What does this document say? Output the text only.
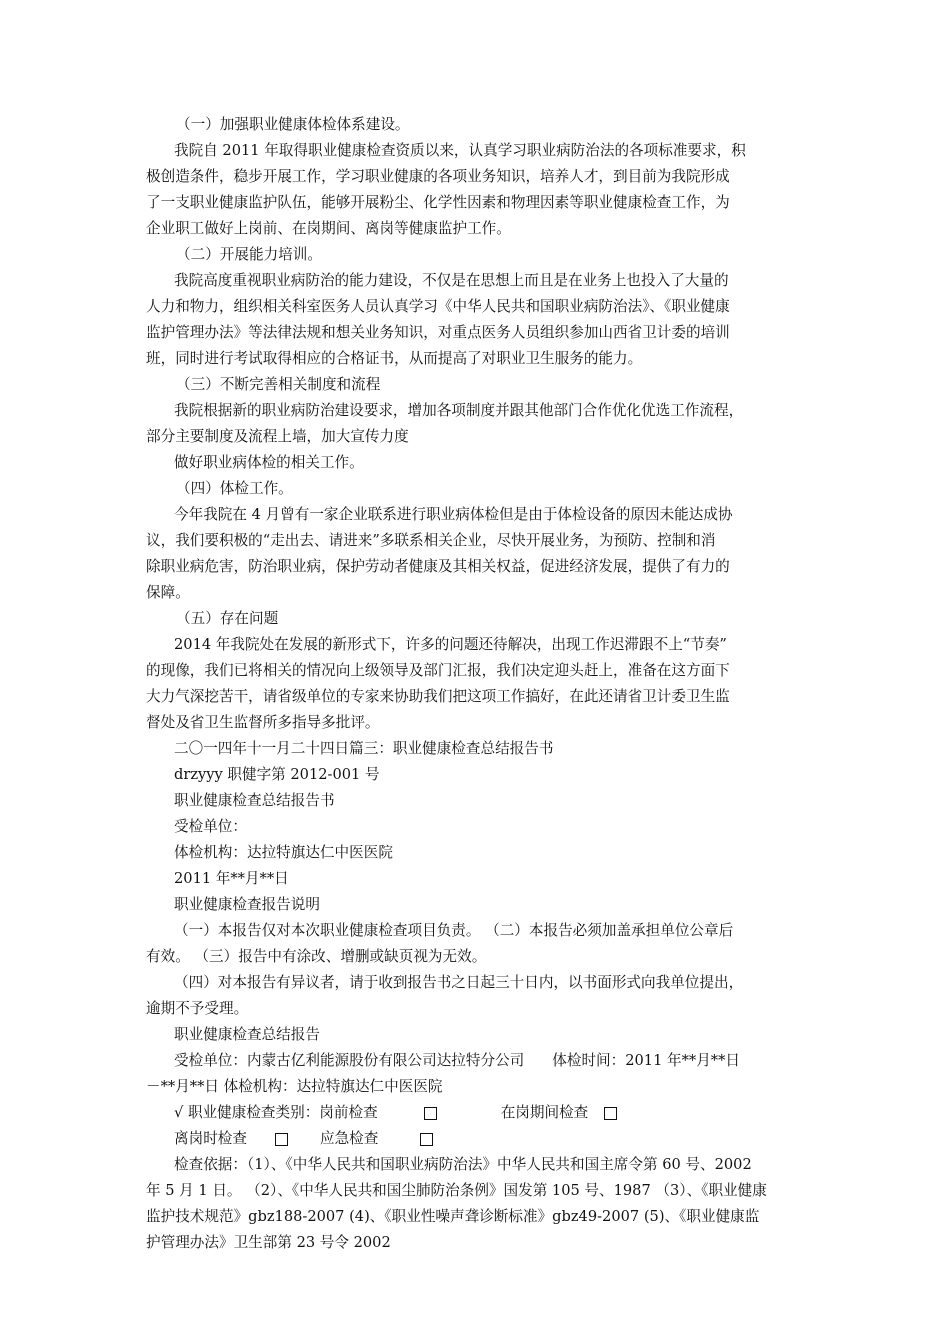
（一）加强职业健康体检体系建设。

我院自 2011 年取得职业健康检查资质以来，认真学习职业病防治法的各项标准要求，积

极创造条件，稳步开展工作，学习职业健康的各项业务知识，培养人才，到目前为我院形成

了一支职业健康监护队伍，能够开展粉尘、化学性因素和物理因素等职业健康检查工作，为

企业职工做好上岗前、在岗期间、离岗等健康监护工作。

（二）开展能力培训。

我院高度重视职业病防治的能力建设，不仅是在思想上而且是在业务上也投入了大量的

人力和物力，组织相关科室医务人员认真学习《中华人民共和国职业病防治法》、《职业健康

监护管理办法》等法律法规和想关业务知识，对重点医务人员组织参加山西省卫计委的培训

班，同时进行考试取得相应的合格证书，从而提高了对职业卫生服务的能力。

（三）不断完善相关制度和流程

我院根据新的职业病防治建设要求，增加各项制度并跟其他部门合作优化优选工作流程，

部分主要制度及流程上墙，加大宣传力度

做好职业病体检的相关工作。

（四）体检工作。

今年我院在 4 月曾有一家企业联系进行职业病体检但是由于体检设备的原因未能达成协

议，我们要积极的“走出去、请进来”多联系相关企业，尽快开展业务，为预防、控制和消

除职业病危害，防治职业病，保护劳动者健康及其相关权益，促进经济发展，提供了有力的

保障。

（五）存在问题

2014 年我院处在发展的新形式下，许多的问题还待解决，出现工作迟滞跟不上“节奏”

的现像，我们已将相关的情况向上级领导及部门汇报，我们决定迎头赶上，准备在这方面下

大力气深挖苦干，请省级单位的专家来协助我们把这项工作搞好，在此还请省卫计委卫生监

督处及省卫生监督所多指导多批评。

二〇一四年十一月二十四日篇三：职业健康检查总结报告书

drzyyy 职健字第 2012-001 号

职业健康检查总结报告书

受检单位：

体检机构：达拉特旗达仁中医医院

2011 年**月**日

职业健康检查报告说明

（一）本报告仅对本次职业健康检查项目负责。 （二）本报告必须加盖承担单位公章后

有效。 （三）报告中有涂改、增删或缺页视为无效。

（四）对本报告有异议者，请于收到报告书之日起三十日内，以书面形式向我单位提出，

逾期不予受理。

职业健康检查总结报告

受检单位：内蒙古亿利能源股份有限公司达拉特分公司 体检时间：2011 年**月**日

－**月**日 体检机构：达拉特旗达仁中医医院

√ 职业健康检查类别： 岗前检查	在岗期间检查

离岗时检查	应急检查

检查依据：（1）、《中华人民共和国职业病防治法》中华人民共和国主席令第 60 号、2002

年 5 月 1 日。 （2）、《中华人民共和国尘肺防治条例》国发第 105 号、1987 （3）、《职业健康

监护技术规范》gbz188-2007 (4)、《职业性噪声聋诊断标准》gbz49-2007 (5)、《职业健康监

护管理办法》卫生部第 23 号令 2002
